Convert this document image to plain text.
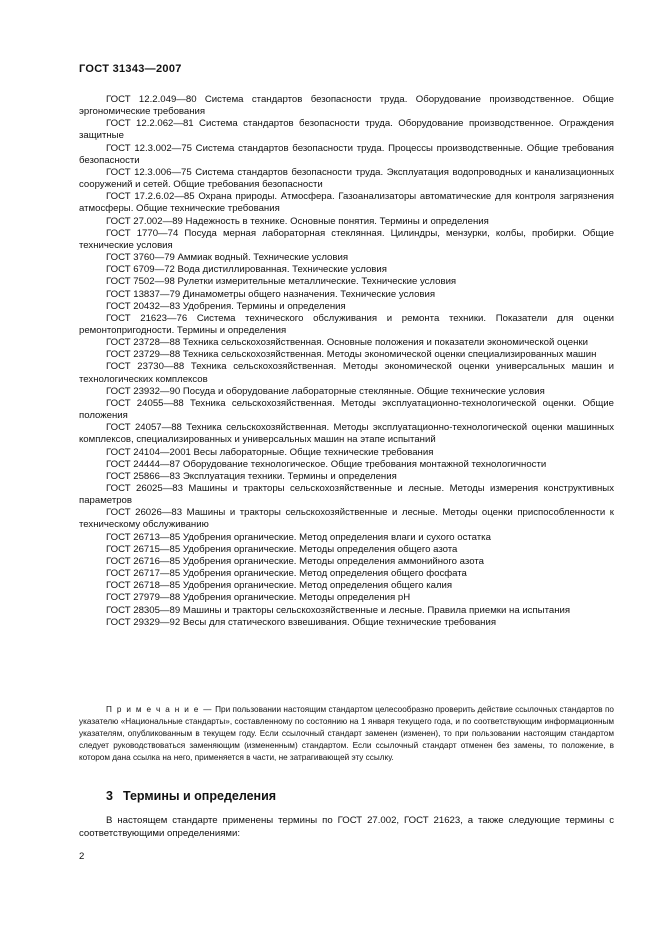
ГОСТ 31343—2007

ГОСТ 12.2.049—80 Система стандартов безопасности труда. Оборудование производственное. Общие эргономические требования

ГОСТ 12.2.062—81 Система стандартов безопасности труда. Оборудование производственное. Ограждения защитные

ГОСТ 12.3.002—75 Система стандартов безопасности труда. Процессы производственные. Общие требования безопасности

ГОСТ 12.3.006—75 Система стандартов безопасности труда. Эксплуатация водопроводных и канализационных сооружений и сетей. Общие требования безопасности

ГОСТ 17.2.6.02—85 Охрана природы. Атмосфера. Газоанализаторы автоматические для контроля загрязнения атмосферы. Общие технические требования

ГОСТ 27.002—89 Надежность в технике. Основные понятия. Термины и определения

ГОСТ 1770—74 Посуда мерная лабораторная стеклянная. Цилиндры, мензурки, колбы, пробирки. Общие технические условия

ГОСТ 3760—79 Аммиак водный. Технические условия

ГОСТ 6709—72 Вода дистиллированная. Технические условия

ГОСТ 7502—98 Рулетки измерительные металлические. Технические условия

ГОСТ 13837—79 Динамометры общего назначения. Технические условия

ГОСТ 20432—83 Удобрения. Термины и определения

ГОСТ 21623—76 Система технического обслуживания и ремонта техники. Показатели для оценки ремонтопригодности. Термины и определения

ГОСТ 23728—88 Техника сельскохозяйственная. Основные положения и показатели экономической оценки

ГОСТ 23729—88 Техника сельскохозяйственная. Методы экономической оценки специализированных машин

ГОСТ 23730—88 Техника сельскохозяйственная. Методы экономической оценки универсальных машин и технологических комплексов

ГОСТ 23932—90 Посуда и оборудование лабораторные стеклянные. Общие технические условия

ГОСТ 24055—88 Техника сельскохозяйственная. Методы эксплуатационно-технологической оценки. Общие положения

ГОСТ 24057—88 Техника сельскохозяйственная. Методы эксплуатационно-технологической оценки машинных комплексов, специализированных и универсальных машин на этапе испытаний

ГОСТ 24104—2001 Весы лабораторные. Общие технические требования

ГОСТ 24444—87 Оборудование технологическое. Общие требования монтажной технологичности

ГОСТ 25866—83 Эксплуатация техники. Термины и определения

ГОСТ 26025—83 Машины и тракторы сельскохозяйственные и лесные. Методы измерения конструктивных параметров

ГОСТ 26026—83 Машины и тракторы сельскохозяйственные и лесные. Методы оценки приспособленности к техническому обслуживанию

ГОСТ 26713—85 Удобрения органические. Метод определения влаги и сухого остатка

ГОСТ 26715—85 Удобрения органические. Методы определения общего азота

ГОСТ 26716—85 Удобрения органические. Методы определения аммонийного азота

ГОСТ 26717—85 Удобрения органические. Метод определения общего фосфата

ГОСТ 26718—85 Удобрения органические. Метод определения общего калия

ГОСТ 27979—88 Удобрения органические. Методы определения pH

ГОСТ 28305—89 Машины и тракторы сельскохозяйственные и лесные. Правила приемки на испытания

ГОСТ 29329—92 Весы для статического взвешивания. Общие технические требования

П р и м е ч а н и е — При пользовании настоящим стандартом целесообразно проверить действие ссылочных стандартов по указателю «Национальные стандарты», составленному по состоянию на 1 января текущего года, и по соответствующим информационным указателям, опубликованным в текущем году. Если ссылочный стандарт заменен (изменен), то при пользовании настоящим стандартом следует руководствоваться заменяющим (измененным) стандартом. Если ссылочный стандарт отменен без замены, то положение, в котором дана ссылка на него, применяется в части, не затрагивающей эту ссылку.

3 Термины и определения

В настоящем стандарте применены термины по ГОСТ 27.002, ГОСТ 21623, а также следующие термины с соответствующими определениями:

2
